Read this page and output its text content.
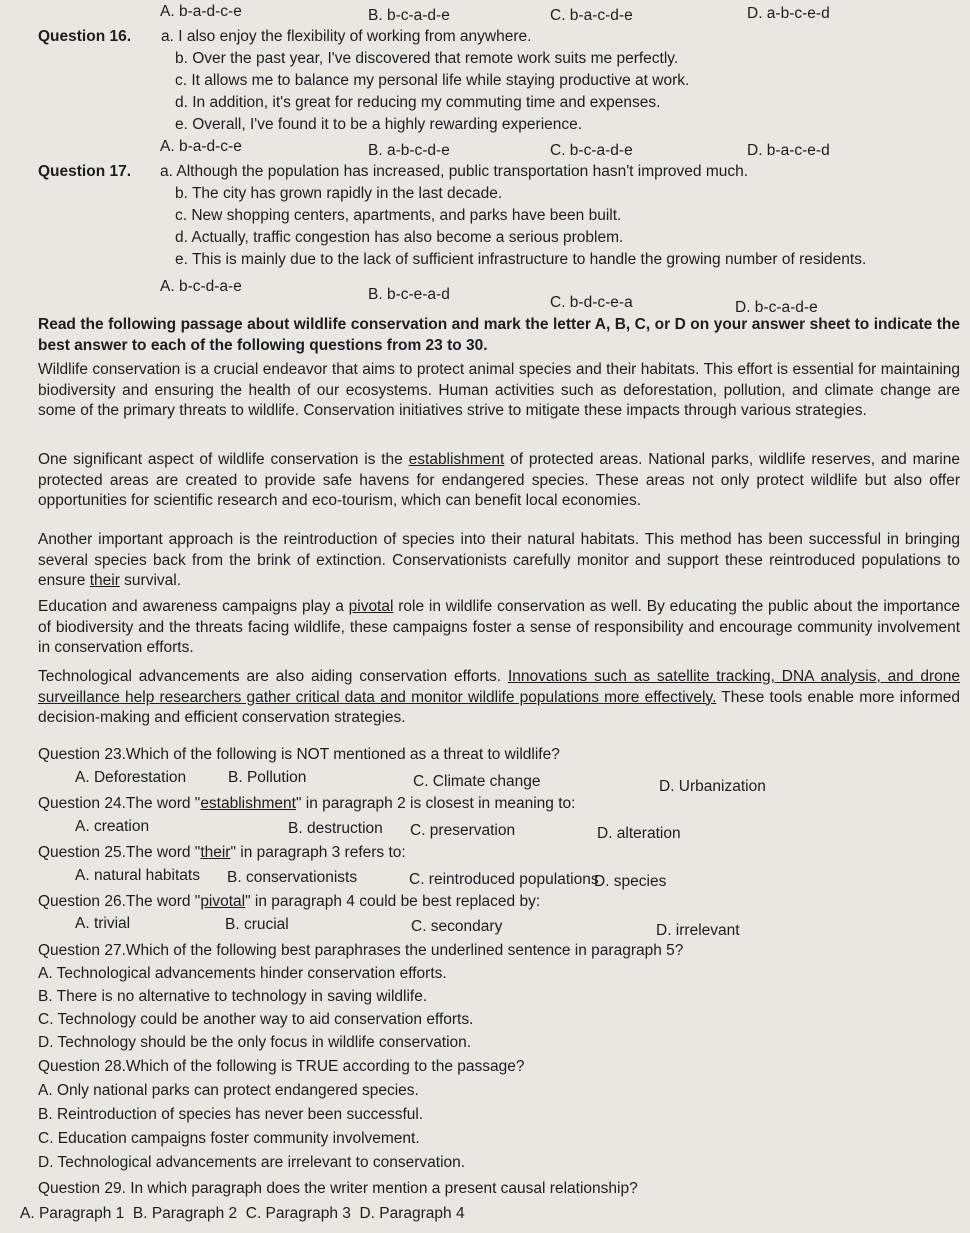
A. b-a-d-c-e	B. b-c-a-d-e	C. b-a-c-d-e	D. a-b-c-e-d
Question 16. a. I also enjoy the flexibility of working from anywhere.
b. Over the past year, I've discovered that remote work suits me perfectly.
c. It allows me to balance my personal life while staying productive at work.
d. In addition, it's great for reducing my commuting time and expenses.
e. Overall, I've found it to be a highly rewarding experience.
A. b-a-d-c-e	B. a-b-c-d-e	C. b-c-a-d-e	D. b-a-c-e-d
Question 17. a. Although the population has increased, public transportation hasn't improved much.
b. The city has grown rapidly in the last decade.
c. New shopping centers, apartments, and parks have been built.
d. Actually, traffic congestion has also become a serious problem.
e. This is mainly due to the lack of sufficient infrastructure to handle the growing number of residents.
A. b-c-d-a-e	B. b-c-e-a-d	C. b-d-c-e-a	D. b-c-a-d-e
Read the following passage about wildlife conservation and mark the letter A, B, C, or D on your answer sheet to indicate the best answer to each of the following questions from 23 to 30.
Wildlife conservation is a crucial endeavor that aims to protect animal species and their habitats. This effort is essential for maintaining biodiversity and ensuring the health of our ecosystems. Human activities such as deforestation, pollution, and climate change are some of the primary threats to wildlife. Conservation initiatives strive to mitigate these impacts through various strategies.
One significant aspect of wildlife conservation is the establishment of protected areas. National parks, wildlife reserves, and marine protected areas are created to provide safe havens for endangered species. These areas not only protect wildlife but also offer opportunities for scientific research and eco-tourism, which can benefit local economies.
Another important approach is the reintroduction of species into their natural habitats. This method has been successful in bringing several species back from the brink of extinction. Conservationists carefully monitor and support these reintroduced populations to ensure their survival.
Education and awareness campaigns play a pivotal role in wildlife conservation as well. By educating the public about the importance of biodiversity and the threats facing wildlife, these campaigns foster a sense of responsibility and encourage community involvement in conservation efforts.
Technological advancements are also aiding conservation efforts. Innovations such as satellite tracking, DNA analysis, and drone surveillance help researchers gather critical data and monitor wildlife populations more effectively. These tools enable more informed decision-making and efficient conservation strategies.
Question 23.Which of the following is NOT mentioned as a threat to wildlife?
A. Deforestation	B. Pollution	C. Climate change	D. Urbanization
Question 24.The word "establishment" in paragraph 2 is closest in meaning to:
A. creation	B. destruction C. preservation	D. alteration
Question 25.The word "their" in paragraph 3 refers to:
A. natural habitats B. conservationists	C. reintroduced populations
D. species
Question 26.The word "pivotal" in paragraph 4 could be best replaced by:
A. trivial	B. crucial	C. secondary	D. irrelevant
Question 27.Which of the following best paraphrases the underlined sentence in paragraph 5?
A. Technological advancements hinder conservation efforts.
B. There is no alternative to technology in saving wildlife.
C. Technology could be another way to aid conservation efforts.
D. Technology should be the only focus in wildlife conservation.
Question 28.Which of the following is TRUE according to the passage?
A. Only national parks can protect endangered species.
B. Reintroduction of species has never been successful.
C. Education campaigns foster community involvement.
D. Technological advancements are irrelevant to conservation.
Question 29. In which paragraph does the writer mention a present causal relationship?
A. Paragraph 1  B. Paragraph 2  C. Paragraph 3  D. Paragraph 4
